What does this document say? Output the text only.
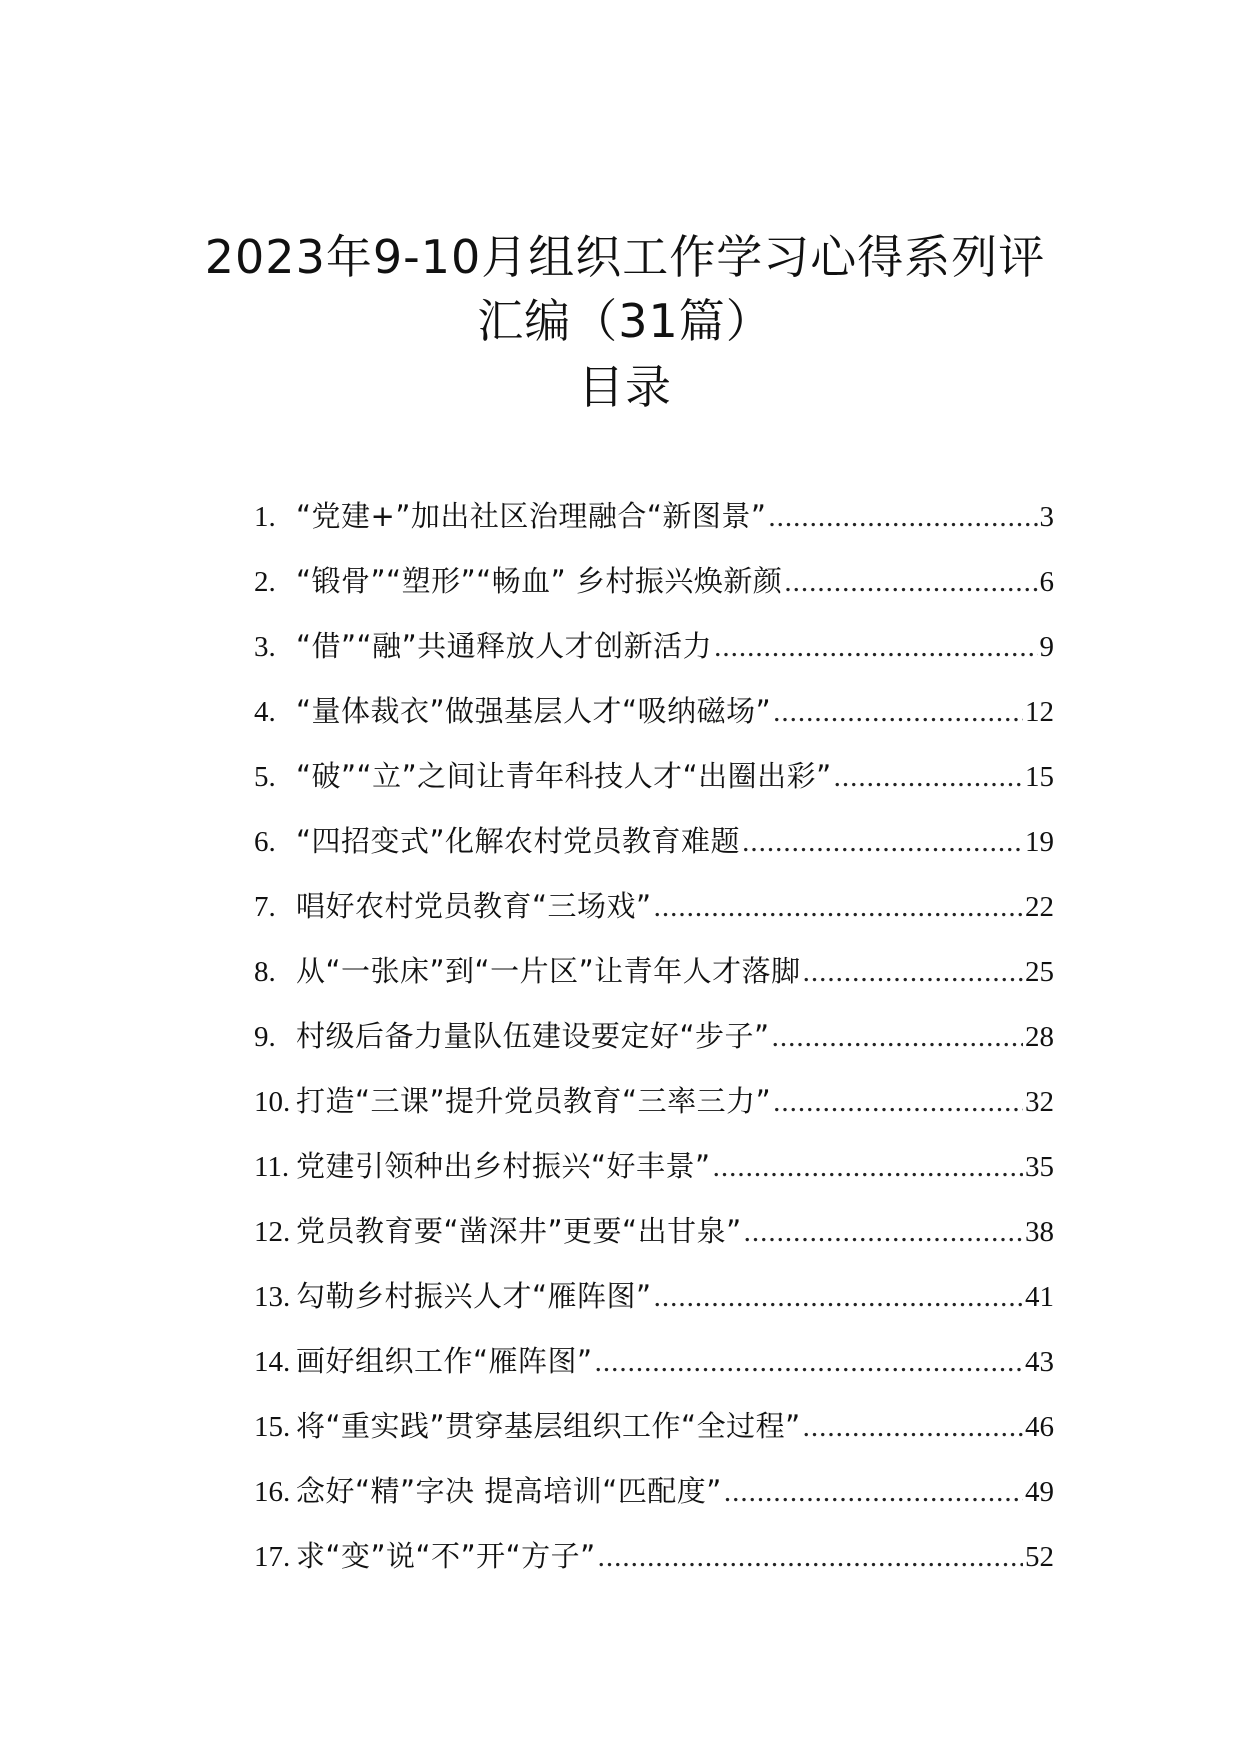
2023年9-10月组织工作学习心得系列评
汇编（31篇）
目录
1. “党建+”加出社区治理融合“新图景” .....	3
2. “锻骨”“塑形”“畅血” 乡村振兴焕新颜 .....	6
3. “借”“融”共通释放人才创新活力 .....	9
4. “量体裁衣”做强基层人才“吸纳磁场” .....	12
5. “破”“立”之间让青年科技人才“出圈出彩” .....	15
6. “四招变式”化解农村党员教育难题 .....	19
7. 唱好农村党员教育“三场戏” .....	22
8. 从“一张床”到“一片区”让青年人才落脚 .....	25
9. 村级后备力量队伍建设要定好“步子” .....	28
10. 打造“三课”提升党员教育“三率三力” .....	32
11. 党建引领种出乡村振兴“好丰景” .....	35
12. 党员教育要“凿深井”更要“出甘泉” .....	38
13. 勾勒乡村振兴人才“雁阵图” .....	41
14. 画好组织工作“雁阵图” .....	43
15. 将“重实践”贯穿基层组织工作“全过程” .....	46
16. 念好“精”字决 提高培训“匹配度” .....	49
17. 求“变”说“不”开“方子” .....	52
